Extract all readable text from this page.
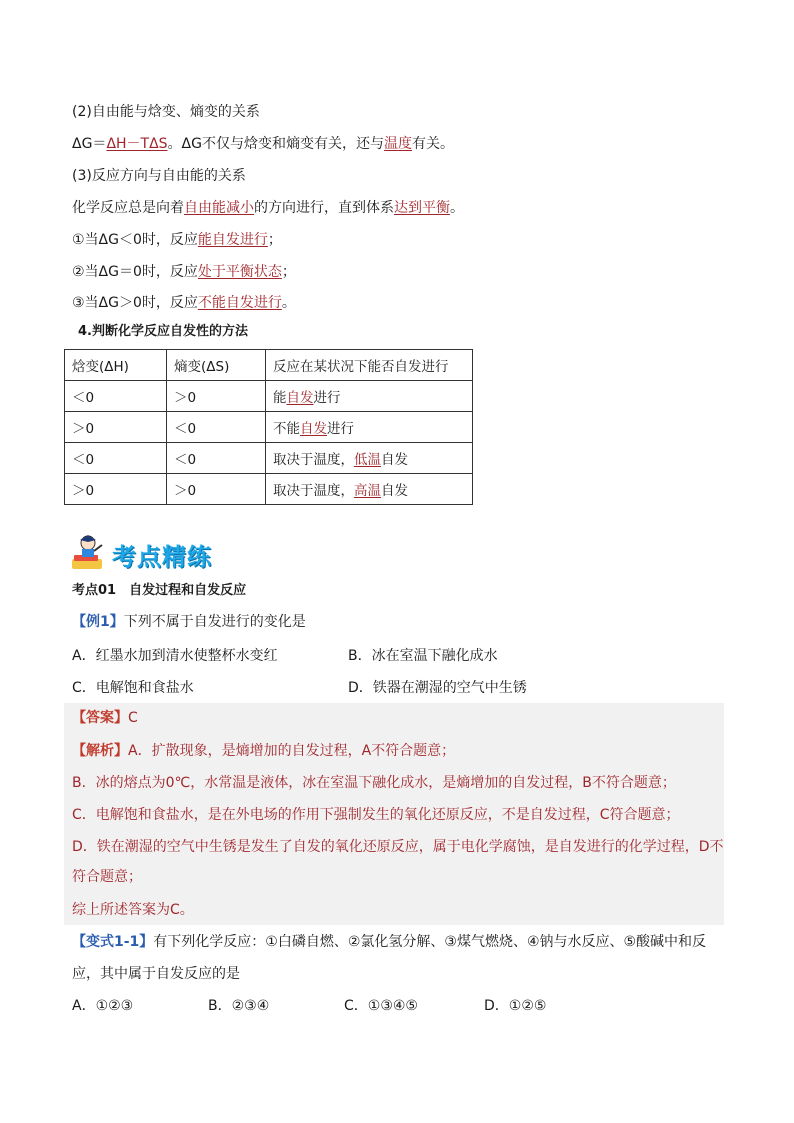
(2)自由能与焓变、熵变的关系
ΔG＝ΔH－TΔS。ΔG不仅与焓变和熵变有关，还与温度有关。
(3)反应方向与自由能的关系
化学反应总是向着自由能减小的方向进行，直到体系达到平衡。
①当ΔG＜0时，反应能自发进行；
②当ΔG＝0时，反应处于平衡状态；
③当ΔG＞0时，反应不能自发进行。
4.判断化学反应自发性的方法
焓变(ΔH)	熵变(ΔS)	反应在某状况下能否自发进行
＜0	＞0	能自发进行
＞0	＜0	不能自发进行
＜0	＜0	取决于温度，低温自发
＞0	＞0	取决于温度，高温自发
考点精练
考点01　自发过程和自发反应
【例1】下列不属于自发进行的变化是
A．红墨水加到清水使整杯水变红	B．冰在室温下融化成水
C．电解饱和食盐水	D．铁器在潮湿的空气中生锈
【答案】C
【解析】A．扩散现象，是熵增加的自发过程，A不符合题意；
B．冰的熔点为0℃，水常温是液体，冰在室温下融化成水，是熵增加的自发过程，B不符合题意；
C．电解饱和食盐水，是在外电场的作用下强制发生的氧化还原反应，不是自发过程，C符合题意；
D．铁在潮湿的空气中生锈是发生了自发的氧化还原反应，属于电化学腐蚀，是自发进行的化学过程，D不
符合题意；
综上所述答案为C。
【变式1-1】有下列化学反应：①白磷自燃、②氯化氢分解、③煤气燃烧、④钠与水反应、⑤酸碱中和反
应，其中属于自发反应的是
A．①②③	B．②③④	C．①③④⑤	D．①②⑤
